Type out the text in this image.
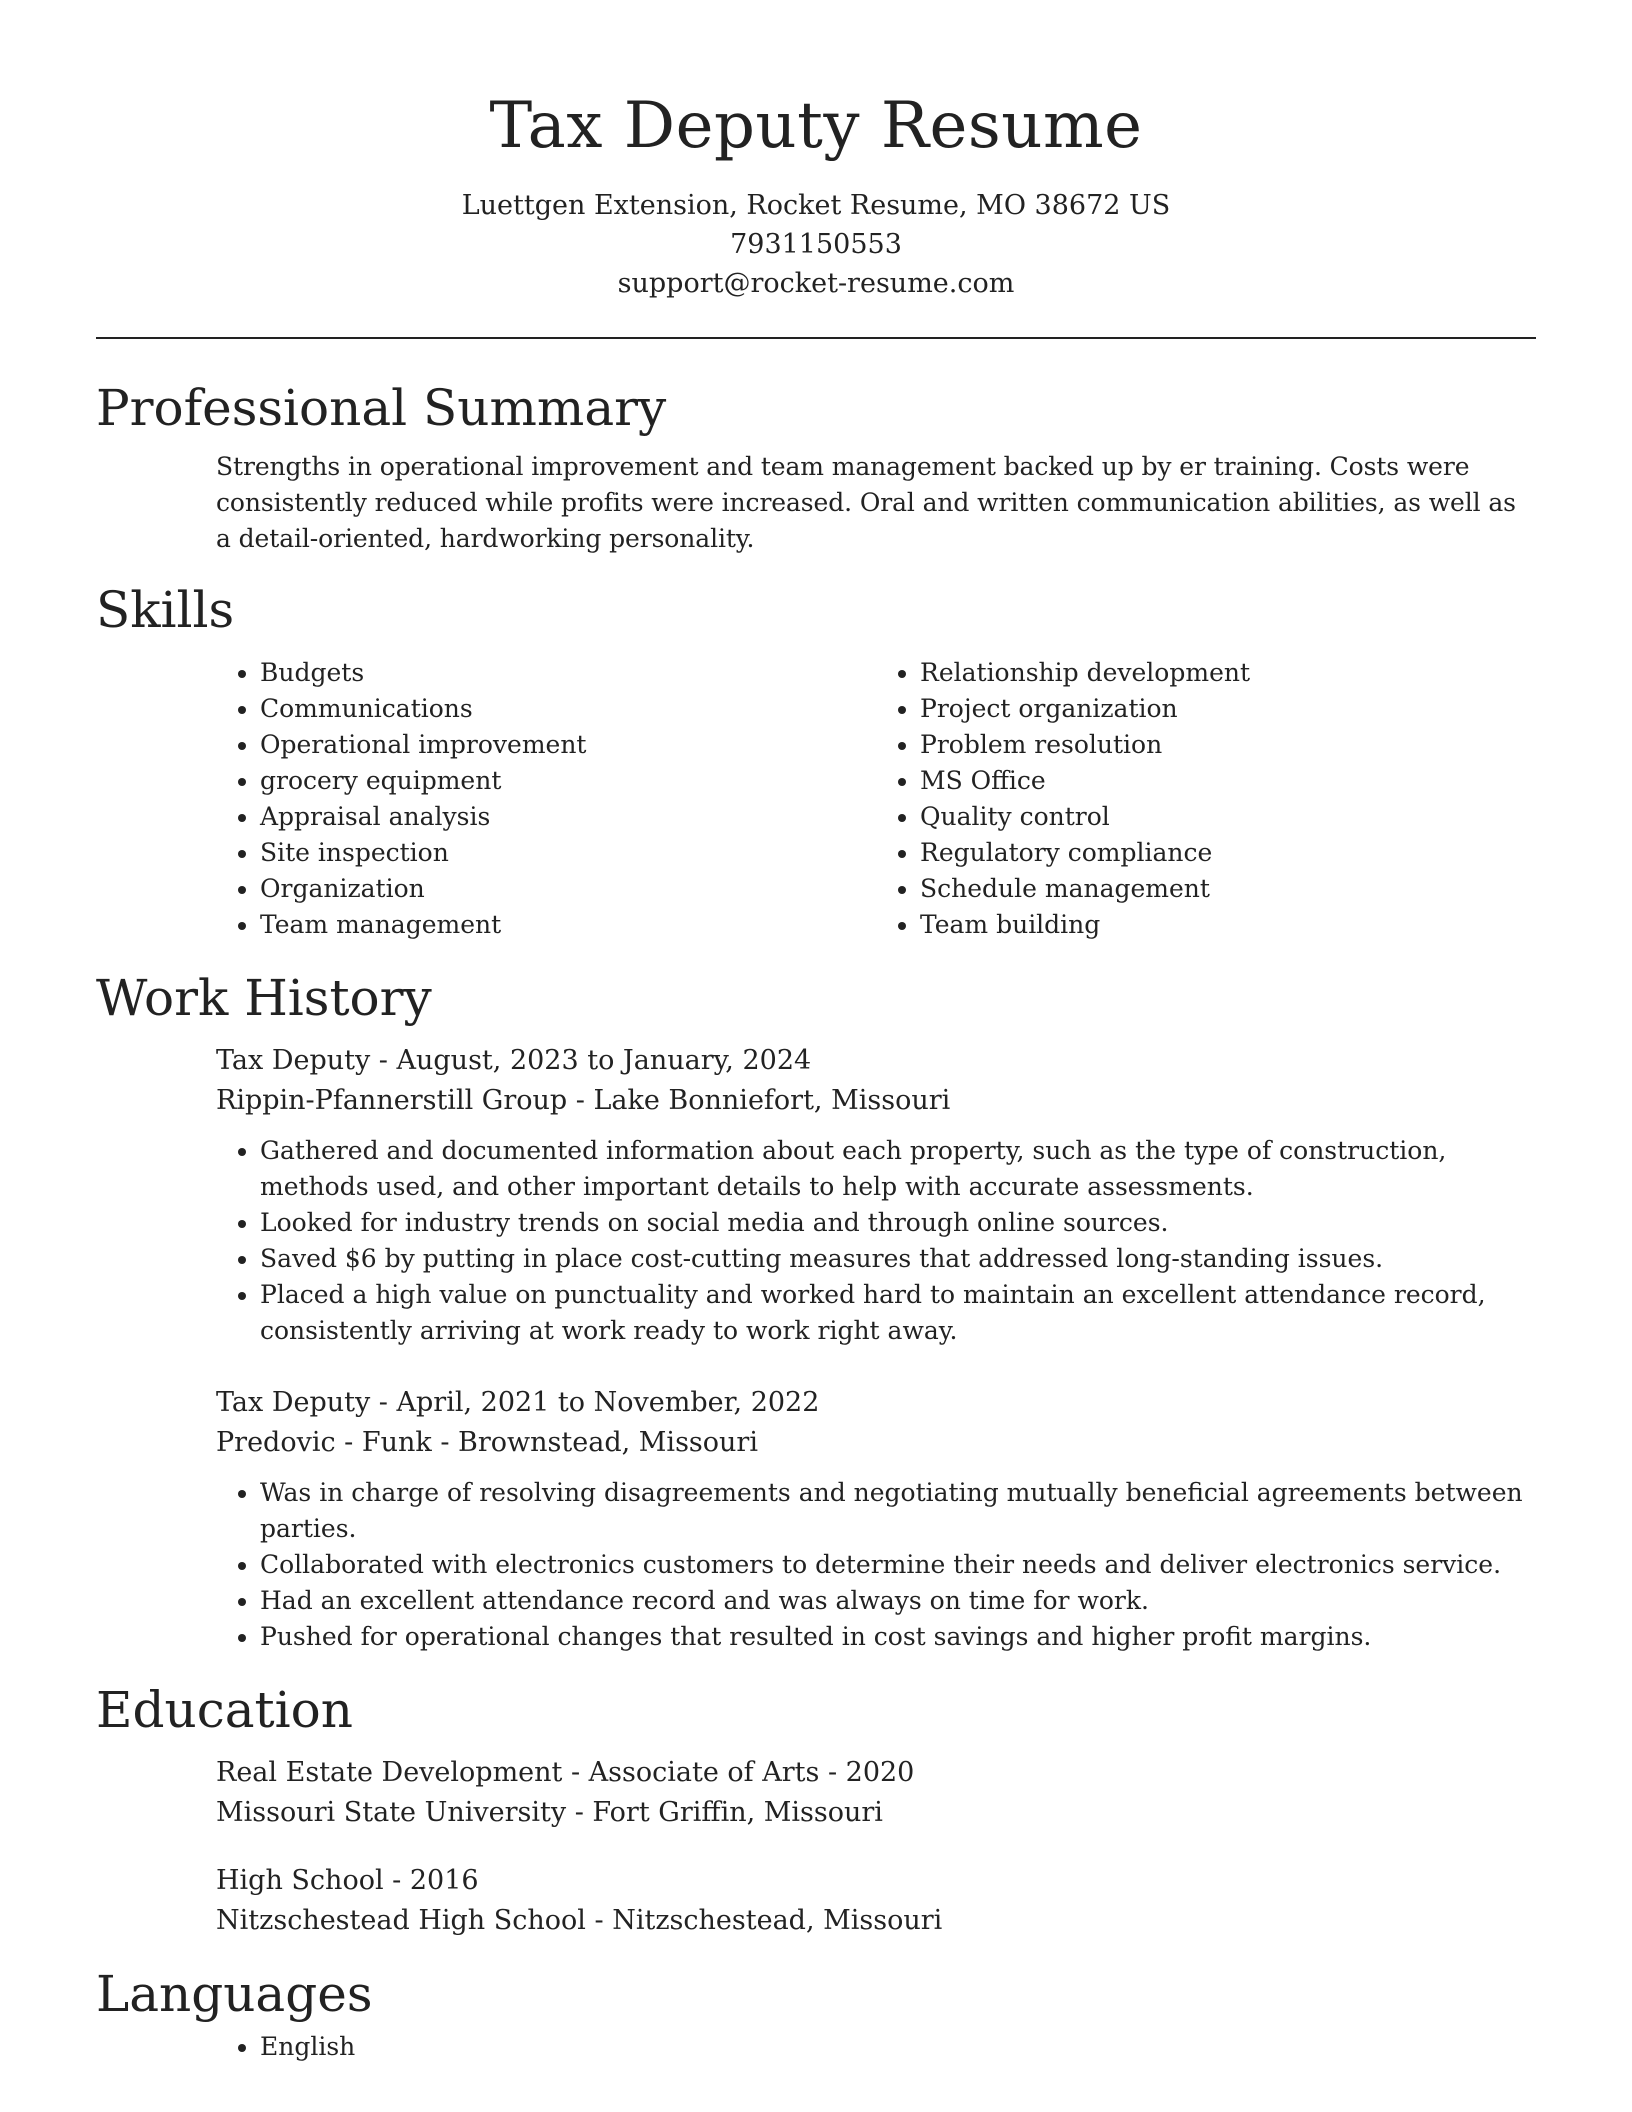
Tax Deputy Resume
Luettgen Extension, Rocket Resume, MO 38672 US
7931150553
support@rocket-resume.com
Professional Summary

Strengths in operational improvement and team management backed up by er training. Costs were consistently reduced while profits were increased. Oral and written communication abilities, as well as a detail-oriented, hardworking personality.

Skills
• Budgets
• Communications
• Operational improvement
• grocery equipment
• Appraisal analysis
• Site inspection
• Organization
• Team management
• Relationship development
• Project organization
• Problem resolution
• MS Office
• Quality control
• Regulatory compliance
• Schedule management
• Team building
Work History
Tax Deputy - August, 2023 to January, 2024
Rippin-Pfannerstill Group - Lake Bonniefort, Missouri
• Gathered and documented information about each property, such as the type of construction, methods used, and other important details to help with accurate assessments.
• Looked for industry trends on social media and through online sources.
• Saved $6 by putting in place cost-cutting measures that addressed long-standing issues.
• Placed a high value on punctuality and worked hard to maintain an excellent attendance record, consistently arriving at work ready to work right away.
Tax Deputy - April, 2021 to November, 2022
Predovic - Funk - Brownstead, Missouri
• Was in charge of resolving disagreements and negotiating mutually beneficial agreements between parties.
• Collaborated with electronics customers to determine their needs and deliver electronics service.
• Had an excellent attendance record and was always on time for work.
• Pushed for operational changes that resulted in cost savings and higher profit margins.
Education
Real Estate Development - Associate of Arts - 2020
Missouri State University - Fort Griffin, Missouri
High School - 2016
Nitzschestead High School - Nitzschestead, Missouri
Languages
• English
